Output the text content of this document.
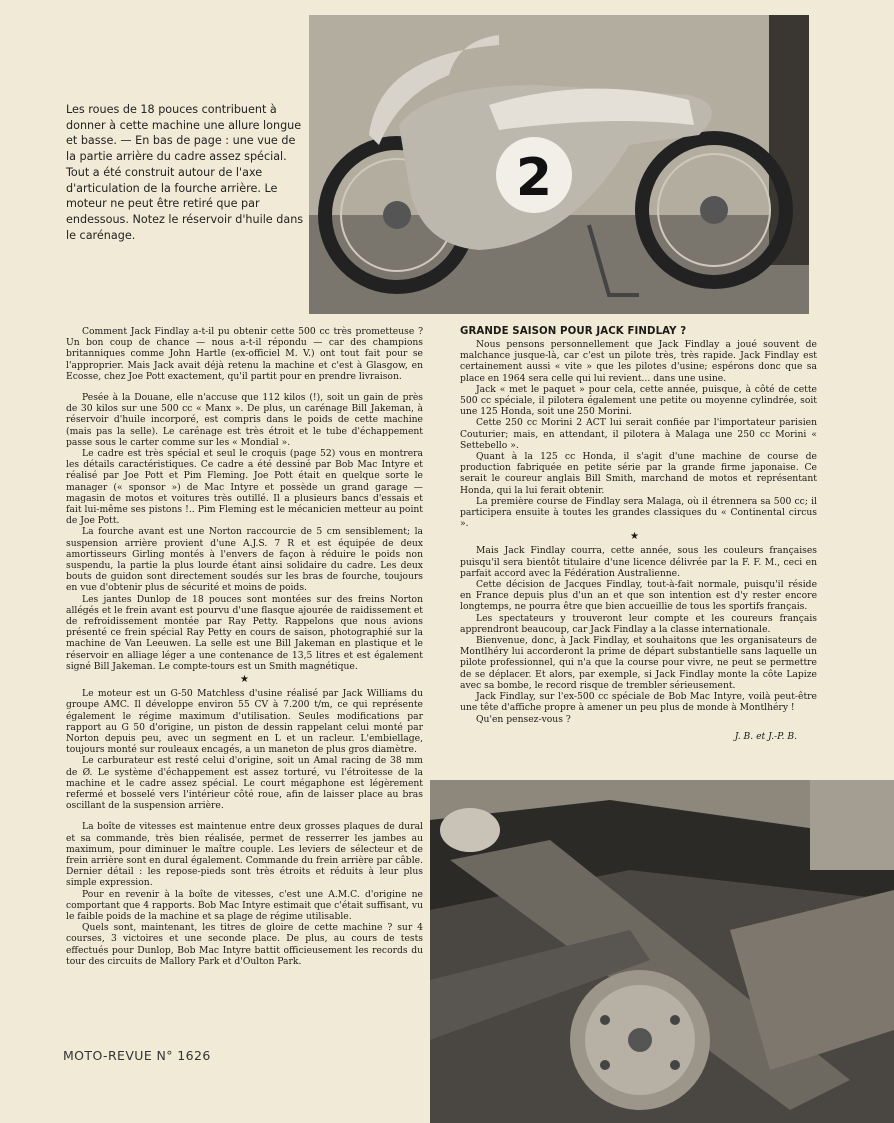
2
Les roues de 18 pouces contribuent à donner à cette machine une allure longue et basse. — En bas de page : une vue de la partie arrière du cadre assez spécial. Tout a été construit autour de l'axe d'articulation de la fourche arrière. Le moteur ne peut être retiré que par endessous. Notez le réservoir d'huile dans le carénage.

Comment Jack Findlay a-t-il pu obtenir cette 500 cc très prometteuse ? Un bon coup de chance — nous a-t-il répondu — car des champions britanniques comme John Hartle (ex-officiel M. V.) ont tout fait pour se l'approprier. Mais Jack avait déjà retenu la machine et c'est à Glasgow, en Ecosse, chez Joe Pott exactement, qu'il partit pour en prendre livraison.

Pesée à la Douane, elle n'accuse que 112 kilos (!), soit un gain de près de 30 kilos sur une 500 cc « Manx ». De plus, un carénage Bill Jakeman, à réservoir d'huile incorporé, est compris dans le poids de cette machine (mais pas la selle). Le carénage est très étroit et le tube d'échappement passe sous le carter comme sur les « Mondial ».

Le cadre est très spécial et seul le croquis (page 52) vous en montrera les détails caractéristiques. Ce cadre a été dessiné par Bob Mac Intyre et réalisé par Joe Pott et Pim Fleming. Joe Pott était en quelque sorte le manager (« sponsor ») de Mac Intyre et possède un grand garage — magasin de motos et voitures très outillé. Il a plusieurs bancs d'essais et fait lui-même ses pistons !.. Pim Fleming est le mécanicien metteur au point de Joe Pott.

La fourche avant est une Norton raccourcie de 5 cm sensiblement; la suspension arrière provient d'une A.J.S. 7 R et est équipée de deux amortisseurs Girling montés à l'envers de façon à réduire le poids non suspendu, la partie la plus lourde étant ainsi solidaire du cadre. Les deux bouts de guidon sont directement soudés sur les bras de fourche, toujours en vue d'obtenir plus de sécurité et moins de poids.

Les jantes Dunlop de 18 pouces sont montées sur des freins Norton allégés et le frein avant est pourvu d'une flasque ajourée de raidissement et de refroidissement montée par Ray Petty. Rappelons que nous avions présenté ce frein spécial Ray Petty en cours de saison, photographié sur la machine de Van Leeuwen. La selle est une Bill Jakeman en plastique et le réservoir en alliage léger a une contenance de 13,5 litres et est également signé Bill Jakeman. Le compte-tours est un Smith magnétique.

★

Le moteur est un G-50 Matchless d'usine réalisé par Jack Williams du groupe AMC. Il développe environ 55 CV à 7.200 t/m, ce qui représente également le régime maximum d'utilisation. Seules modifications par rapport au G 50 d'origine, un piston de dessin rappelant celui monté par Norton depuis peu, avec un segment en L et un racleur. L'embiellage, toujours monté sur rouleaux encagés, a un maneton de plus gros diamètre.

Le carburateur est resté celui d'origine, soit un Amal racing de 38 mm de Ø. Le système d'échappement est assez torturé, vu l'étroitesse de la machine et le cadre assez spécial. Le court mégaphone est légèrement refermé et bosselé vers l'intérieur côté roue, afin de laisser place au bras oscillant de la suspension arrière.

La boîte de vitesses est maintenue entre deux grosses plaques de dural et sa commande, très bien réalisée, permet de resserrer les jambes au maximum, pour diminuer le maître couple. Les leviers de sélecteur et de frein arrière sont en dural également. Commande du frein arrière par câble. Dernier détail : les repose-pieds sont très étroits et réduits à leur plus simple expression.

Pour en revenir à la boîte de vitesses, c'est une A.M.C. d'origine ne comportant que 4 rapports. Bob Mac Intyre estimait que c'était suffisant, vu le faible poids de la machine et sa plage de régime utilisable.

Quels sont, maintenant, les titres de gloire de cette machine ? sur 4 courses, 3 victoires et une seconde place. De plus, au cours de tests effectués pour Dunlop, Bob Mac Intyre battit officieusement les records du tour des circuits de Mallory Park et d'Oulton Park.

GRANDE SAISON POUR JACK FINDLAY ?

Nous pensons personnellement que Jack Findlay a joué souvent de malchance jusque-là, car c'est un pilote très, très rapide. Jack Findlay est certainement aussi « vite » que les pilotes d'usine; espérons donc que sa place en 1964 sera celle qui lui revient... dans une usine.

Jack « met le paquet » pour cela, cette année, puisque, à côté de cette 500 cc spéciale, il pilotera également une petite ou moyenne cylindrée, soit une 125 Honda, soit une 250 Morini.

Cette 250 cc Morini 2 ACT lui serait confiée par l'importateur parisien Couturier; mais, en attendant, il pilotera à Malaga une 250 cc Morini « Settebello ».

Quant à la 125 cc Honda, il s'agit d'une machine de course de production fabriquée en petite série par la grande firme japonaise. Ce serait le coureur anglais Bill Smith, marchand de motos et représentant Honda, qui la lui ferait obtenir.

La première course de Findlay sera Malaga, où il étrennera sa 500 cc; il participera ensuite à toutes les grandes classiques du « Continental circus ».

★

Mais Jack Findlay courra, cette année, sous les couleurs françaises puisqu'il sera bientôt titulaire d'une licence délivrée par la F. F. M., ceci en parfait accord avec la Fédération Australienne.

Cette décision de Jacques Findlay, tout-à-fait normale, puisqu'il réside en France depuis plus d'un an et que son intention est d'y rester encore longtemps, ne pourra être que bien accueillie de tous les sportifs français.

Les spectateurs y trouveront leur compte et les coureurs français apprendront beaucoup, car Jack Findlay a la classe internationale.

Bienvenue, donc, à Jack Findlay, et souhaitons que les organisateurs de Montlhéry lui accorderont la prime de départ substantielle sans laquelle un pilote professionnel, qui n'a que la course pour vivre, ne peut se permettre de se déplacer. Et alors, par exemple, si Jack Findlay monte la côte Lapize avec sa bombe, le record risque de trembler sérieusement.

Jack Findlay, sur l'ex-500 cc spéciale de Bob Mac Intyre, voilà peut-être une tête d'affiche propre à amener un peu plus de monde à Montlhéry !

Qu'en pensez-vous ?

J. B. et J.-P. B.
MOTO-REVUE N° 1626
